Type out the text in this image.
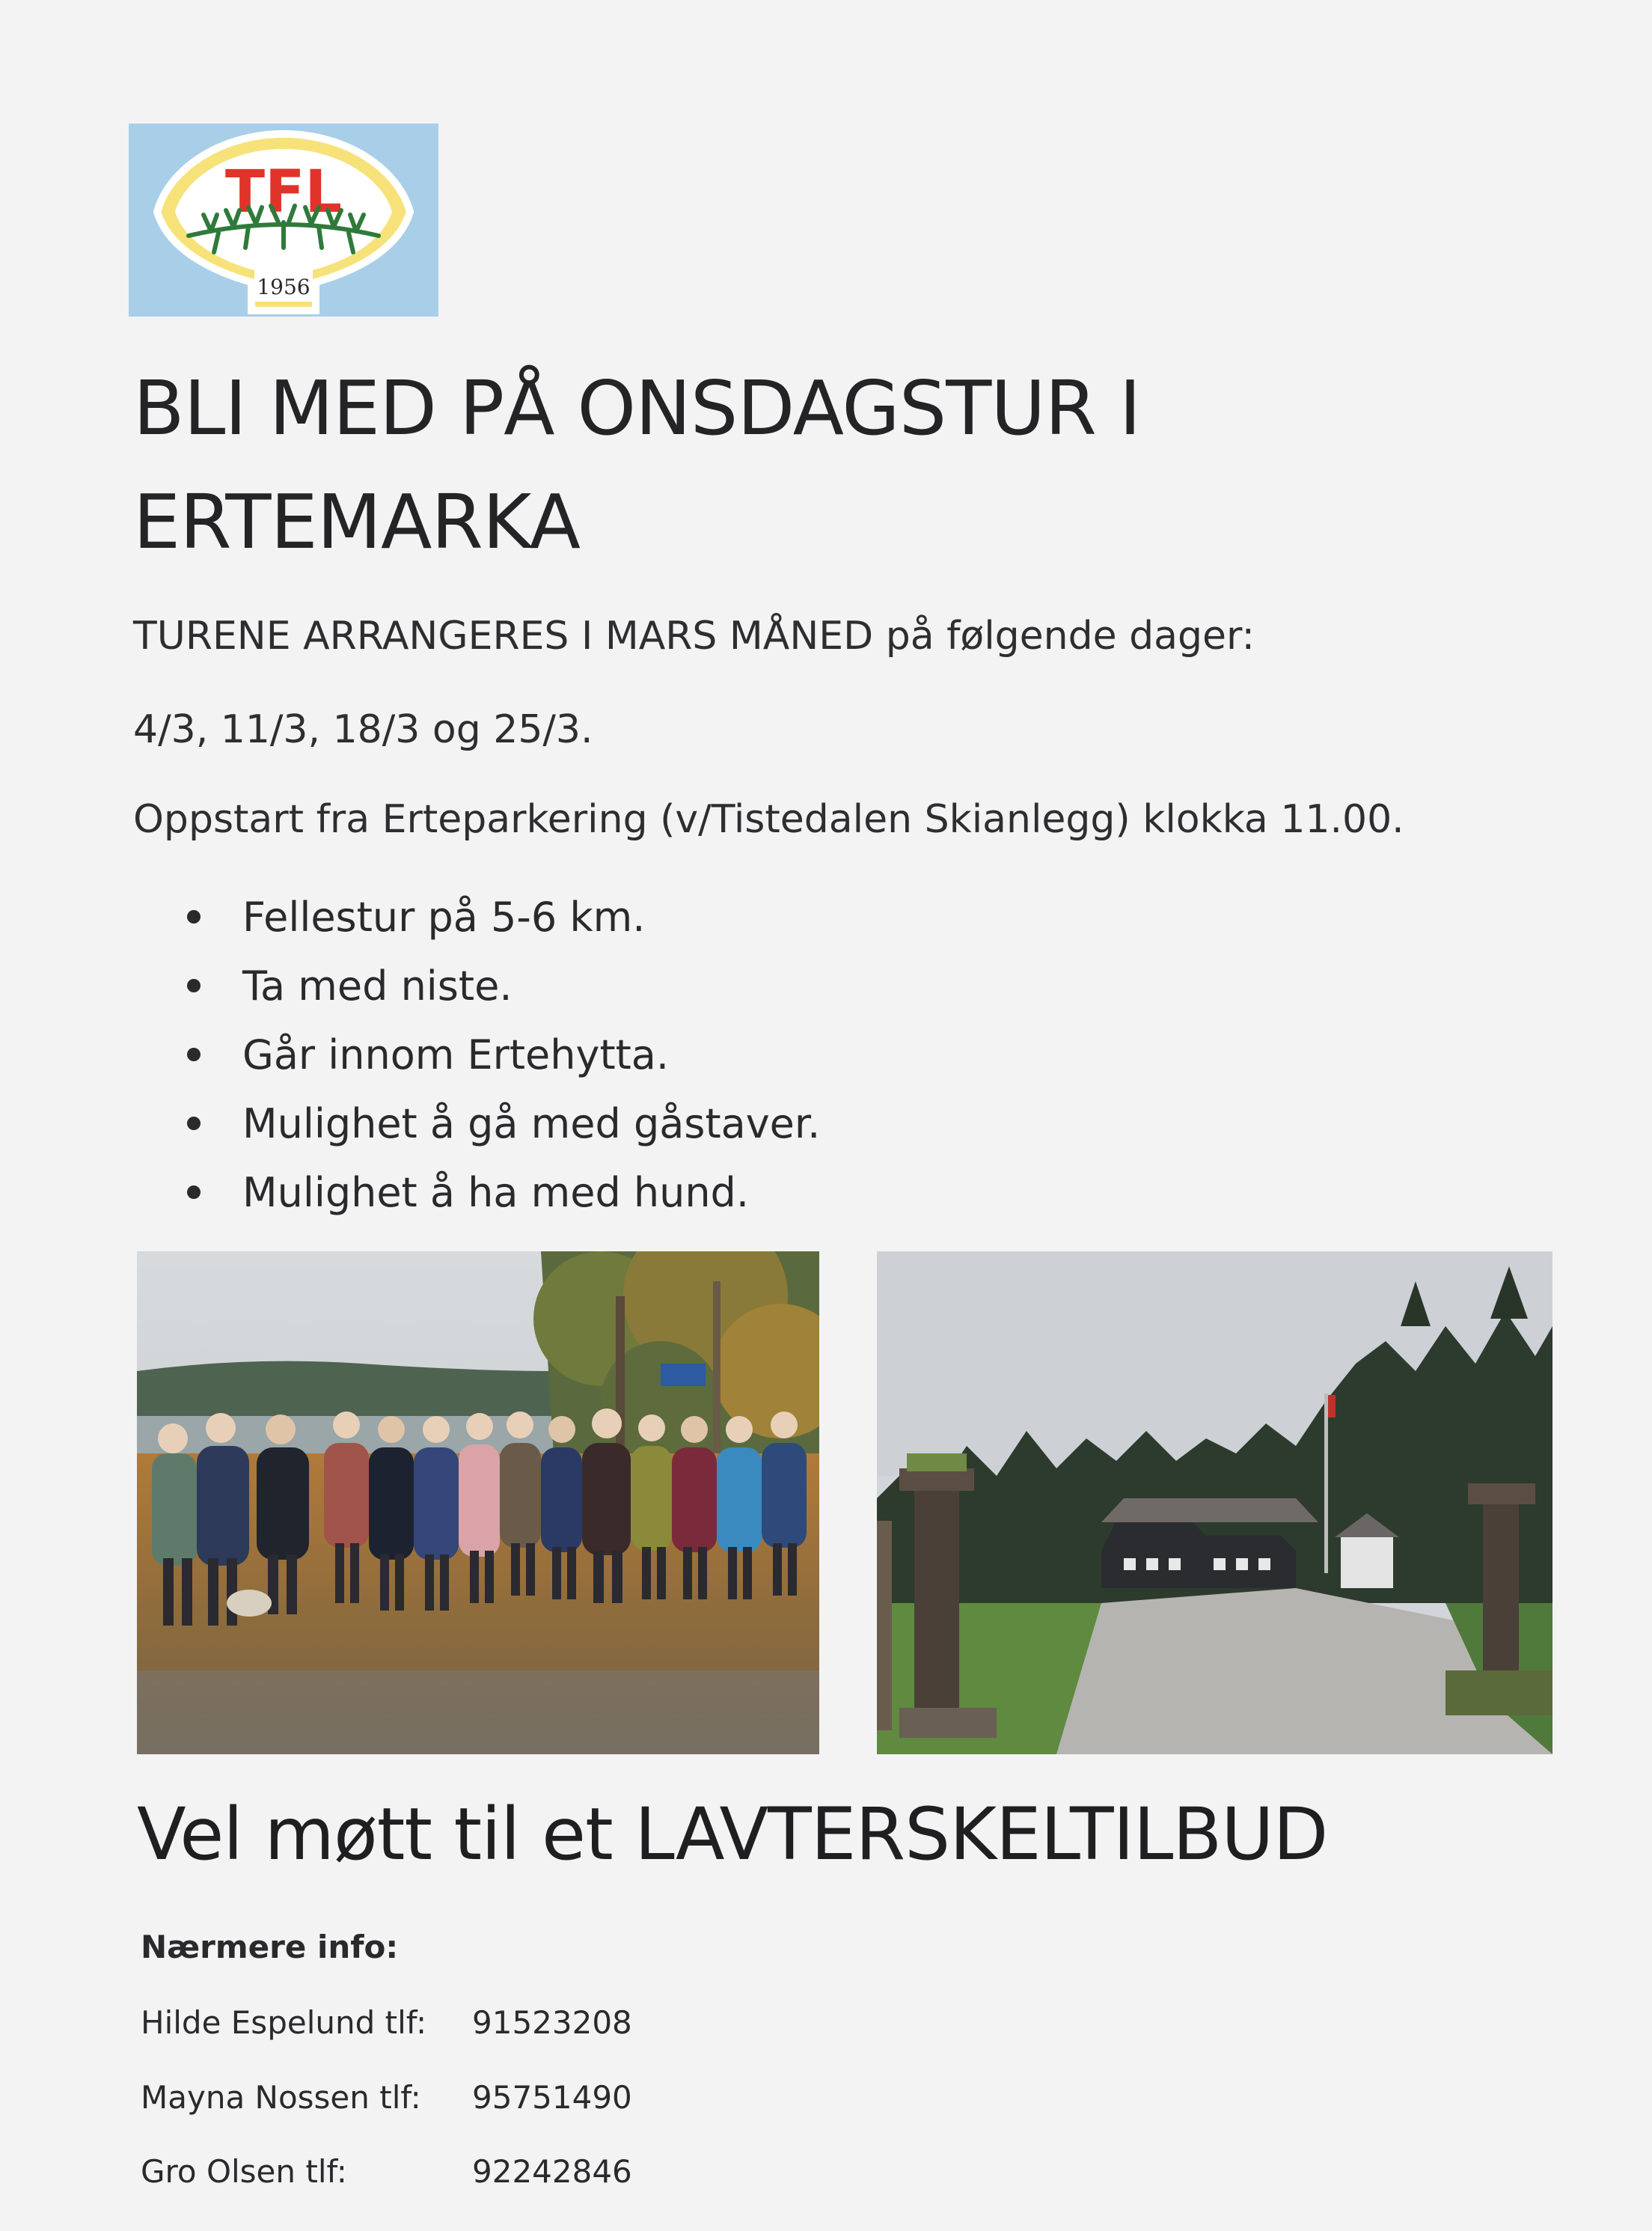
TFL
1956
BLI MED PÅ ONSDAGSTUR I
ERTEMARKA
TURENE ARRANGERES I MARS MÅNED på følgende dager:
4/3, 11/3, 18/3 og 25/3.
Oppstart fra Erteparkering (v/Tistedalen Skianlegg) klokka 11.00.
Fellestur på 5-6 km.
Ta med niste.
Går innom Ertehytta.
Mulighet å gå med gåstaver.
Mulighet å ha med hund.
Vel møtt til et LAVTERSKELTILBUD
Nærmere info:
Hilde Espelund tlf: 91523208
Mayna Nossen tlf: 95751490
Gro Olsen tlf:	92242846
